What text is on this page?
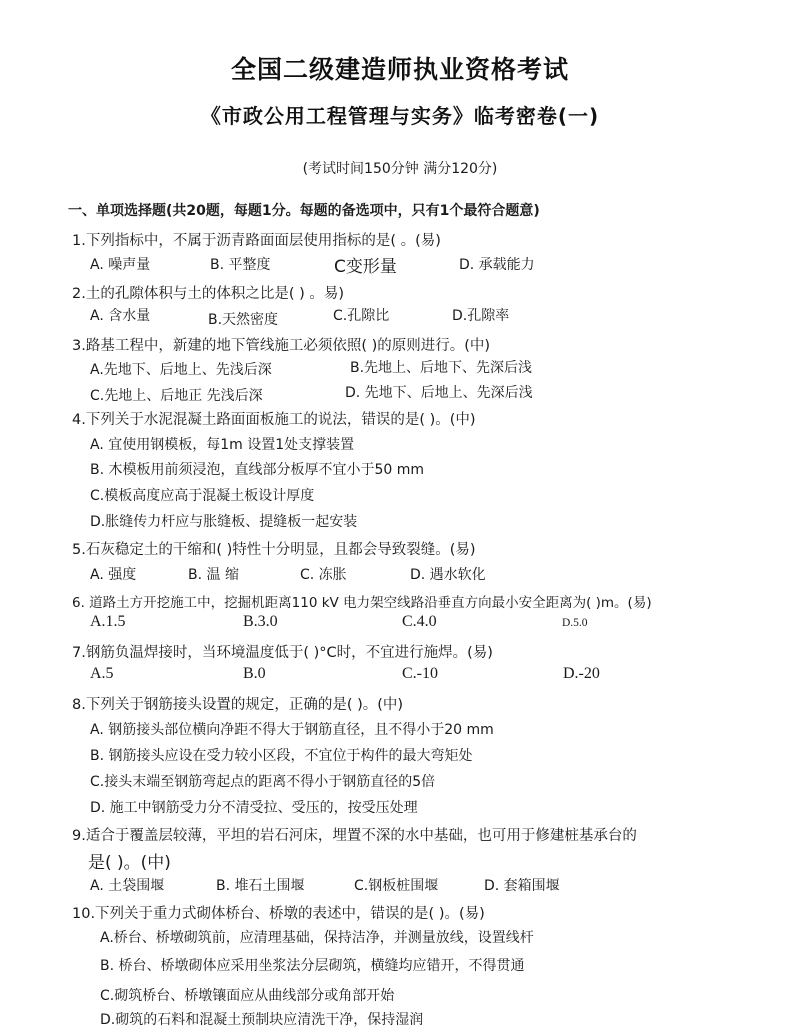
全国二级建造师执业资格考试
《市政公用工程管理与实务》临考密卷(一)
(考试时间150分钟 满分120分)
一、单项选择题(共20题，每题1分。每题的备选项中，只有1个最符合题意)
1.下列指标中，不属于沥青路面面层使用指标的是( 。(易)
A. 噪声量	B. 平整度	C变形量	D. 承载能力
2.土的孔隙体积与土的体积之比是( ) 。易)
A. 含水量	B.天然密度	C.孔隙比	D.孔隙率
3.路基工程中，新建的地下管线施工必须依照( )的原则进行。(中)
A.先地下、后地上、先浅后深	B.先地上、后地下、先深后浅
C.先地上、后地正 先浅后深	D. 先地下、后地上、先深后浅
4.下列关于水泥混凝土路面面板施工的说法，错误的是( )。(中)
A. 宜使用钢模板，每1m 设置1处支撑装置
B. 木模板用前须浸泡，直线部分板厚不宜小于50 mm
C.模板高度应高于混凝土板设计厚度
D.胀缝传力杆应与胀缝板、提缝板一起安装
5.石灰稳定土的干缩和( )特性十分明显，且都会导致裂缝。(易)
A. 强度	B. 温 缩	C. 冻胀	D. 遇水软化
6. 道路土方开挖施工中，挖掘机距离110 kV 电力架空线路沿垂直方向最小安全距离为( )m。(易)
A.1.5	B.3.0	C.4.0	D.5.0
7.钢筋负温焊接时，当环境温度低于( )°C时，不宜进行施焊。(易)
A.5	B.0	C.-10	D.-20
8.下列关于钢筋接头设置的规定，正确的是( )。(中)
A. 钢筋接头部位横向净距不得大于钢筋直径，且不得小于20 mm
B. 钢筋接头应设在受力较小区段，不宜位于构件的最大弯矩处
C.接头末端至钢筋弯起点的距离不得小于钢筋直径的5倍
D. 施工中钢筋受力分不清受拉、受压的，按受压处理
9.适合于覆盖层较薄，平坦的岩石河床，埋置不深的水中基础，也可用于修建桩基承台的
是( )。(中)
A. 土袋围堰	B. 堆石土围堰	C.钢板桩围堰	D. 套箱围堰
10.下列关于重力式砌体桥台、桥墩的表述中，错误的是( )。(易)
A.桥台、桥墩砌筑前，应清理基础，保持洁净，并测量放线，设置线杆
B. 桥台、桥墩砌体应采用坐浆法分层砌筑，横缝均应错开，不得贯通
C.砌筑桥台、桥墩镶面应从曲线部分或角部开始
D.砌筑的石料和混凝土预制块应清洗干净，保持湿润
